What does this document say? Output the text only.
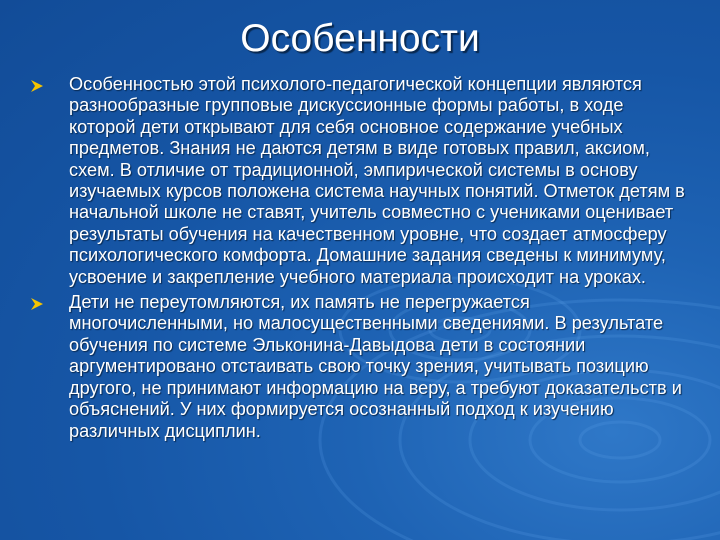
Особенности

Особенностью этой психолого-педагогической концепции являются разнообразные групповые дискуссионные формы работы, в ходе которой дети открывают для себя основное содержание учебных предметов. Знания не даются детям в виде готовых правил, аксиом, схем. В отличие от традиционной, эмпирической системы в основу изучаемых курсов положена система научных понятий. Отметок детям в начальной школе не ставят, учитель совместно с учениками оценивает результаты обучения на качественном уровне, что создает атмосферу психологического комфорта. Домашние задания сведены к минимуму, усвоение и закрепление учебного материала происходит на уроках.

Дети не переутомляются, их память не перегружается многочисленными, но малосущественными сведениями. В результате обучения по системе Эльконина-Давыдова дети в состоянии аргументировано отстаивать свою точку зрения, учитывать позицию другого, не принимают информацию на веру, а требуют доказательств и объяснений. У них формируется осознанный подход к изучению различных дисциплин.
